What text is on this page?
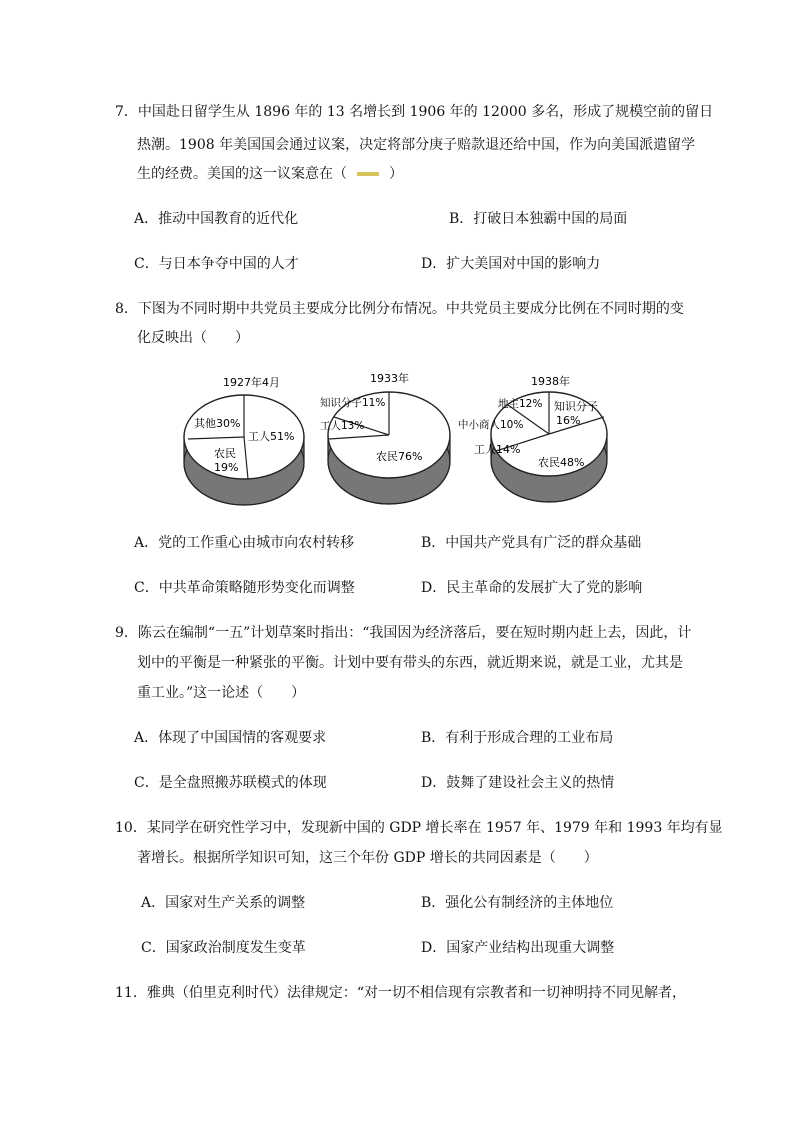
7．中国赴日留学生从 1896 年的 13 名增长到 1906 年的 12000 多名，形成了规模空前的留日
热潮。1908 年美国国会通过议案，决定将部分庚子赔款退还给中国，作为向美国派遣留学
生的经费。美国的这一议案意在（	）
A．推动中国教育的近代化	B．打破日本独霸中国的局面
C．与日本争夺中国的人才	D．扩大美国对中国的影响力
8．下图为不同时期中共党员主要成分比例分布情况。中共党员主要成分比例在不同时期的变
化反映出（　　）
1927年4月
工人51%
农民 19%
其他30%
1933年
农民76%
工人13%
知识分子11%
1938年
知识分子 16%
农民48%
工人14%
中小商人10%
地主12%
A．党的工作重心由城市向农村转移	B．中国共产党具有广泛的群众基础
C．中共革命策略随形势变化而调整	D．民主革命的发展扩大了党的影响
9．陈云在编制“一五”计划草案时指出：“我国因为经济落后，要在短时期内赶上去，因此，计
划中的平衡是一种紧张的平衡。计划中要有带头的东西，就近期来说，就是工业，尤其是
重工业。”这一论述（　　）
A．体现了中国国情的客观要求	B．有利于形成合理的工业布局
C．是全盘照搬苏联模式的体现	D．鼓舞了建设社会主义的热情
10．某同学在研究性学习中，发现新中国的 GDP 增长率在 1957 年、1979 年和 1993 年均有显
著增长。根据所学知识可知，这三个年份 GDP 增长的共同因素是（　　）
A．国家对生产关系的调整	B．强化公有制经济的主体地位
C．国家政治制度发生变革	D．国家产业结构出现重大调整
11．雅典（伯里克利时代）法律规定：“对一切不相信现有宗教者和一切神明持不同见解者，
